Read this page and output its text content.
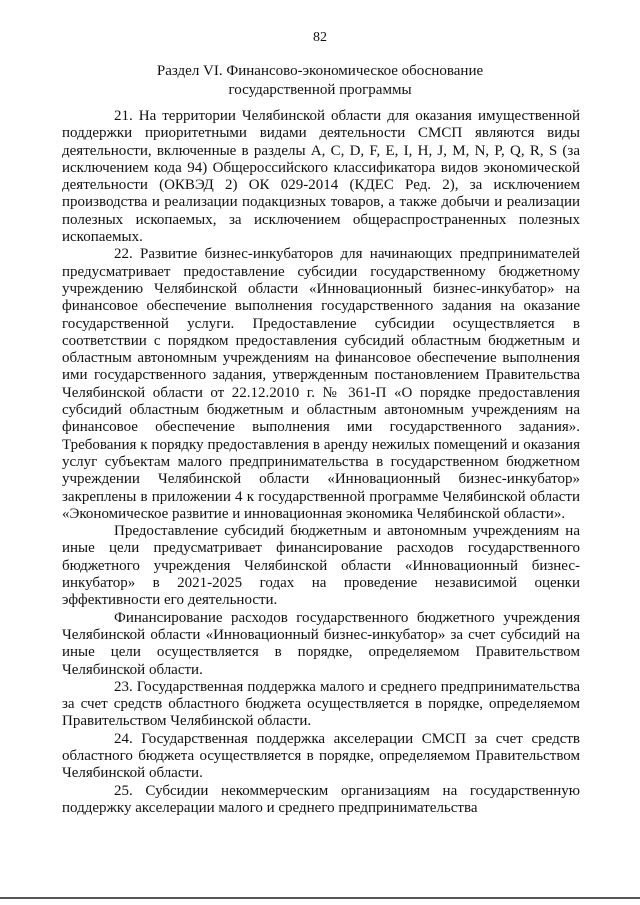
82
Раздел VI. Финансово-экономическое обоснование
государственной программы

21. На территории Челябинской области для оказания имущественной поддержки приоритетными видами деятельности СМСП являются виды деятельности, включенные в разделы A, C, D, F, E, I, H, J, M, N, P, Q, R, S (за исключением кода 94) Общероссийского классификатора видов экономической деятельности (ОКВЭД 2) ОК 029-2014 (КДЕС Ред. 2), за исключением производства и реализации подакцизных товаров, а также добычи и реализации полезных ископаемых, за исключением общераспространенных полезных ископаемых.

22. Развитие бизнес-инкубаторов для начинающих предпринимателей предусматривает предоставление субсидии государственному бюджетному учреждению Челябинской области «Инновационный бизнес-инкубатор» на финансовое обеспечение выполнения государственного задания на оказание государственной услуги. Предоставление субсидии осуществляется в соответствии с порядком предоставления субсидий областным бюджетным и областным автономным учреждениям на финансовое обеспечение выполнения ими государственного задания, утвержденным постановлением Правительства Челябинской области от 22.12.2010 г. № 361-П «О порядке предоставления субсидий областным бюджетным и областным автономным учреждениям на финансовое обеспечение выполнения ими государственного задания». Требования к порядку предоставления в аренду нежилых помещений и оказания услуг субъектам малого предпринимательства в государственном бюджетном учреждении Челябинской области «Инновационный бизнес-инкубатор» закреплены в приложении 4 к государственной программе Челябинской области «Экономическое развитие и инновационная экономика Челябинской области».

Предоставление субсидий бюджетным и автономным учреждениям на иные цели предусматривает финансирование расходов государственного бюджетного учреждения Челябинской области «Инновационный бизнес-инкубатор» в 2021-2025 годах на проведение независимой оценки эффективности его деятельности.

Финансирование расходов государственного бюджетного учреждения Челябинской области «Инновационный бизнес-инкубатор» за счет субсидий на иные цели осуществляется в порядке, определяемом Правительством Челябинской области.

23. Государственная поддержка малого и среднего предпринимательства за счет средств областного бюджета осуществляется в порядке, определяемом Правительством Челябинской области.

24. Государственная поддержка акселерации СМСП за счет средств областного бюджета осуществляется в порядке, определяемом Правительством Челябинской области.

25. Субсидии некоммерческим организациям на государственную поддержку акселерации малого и среднего предпринимательства
